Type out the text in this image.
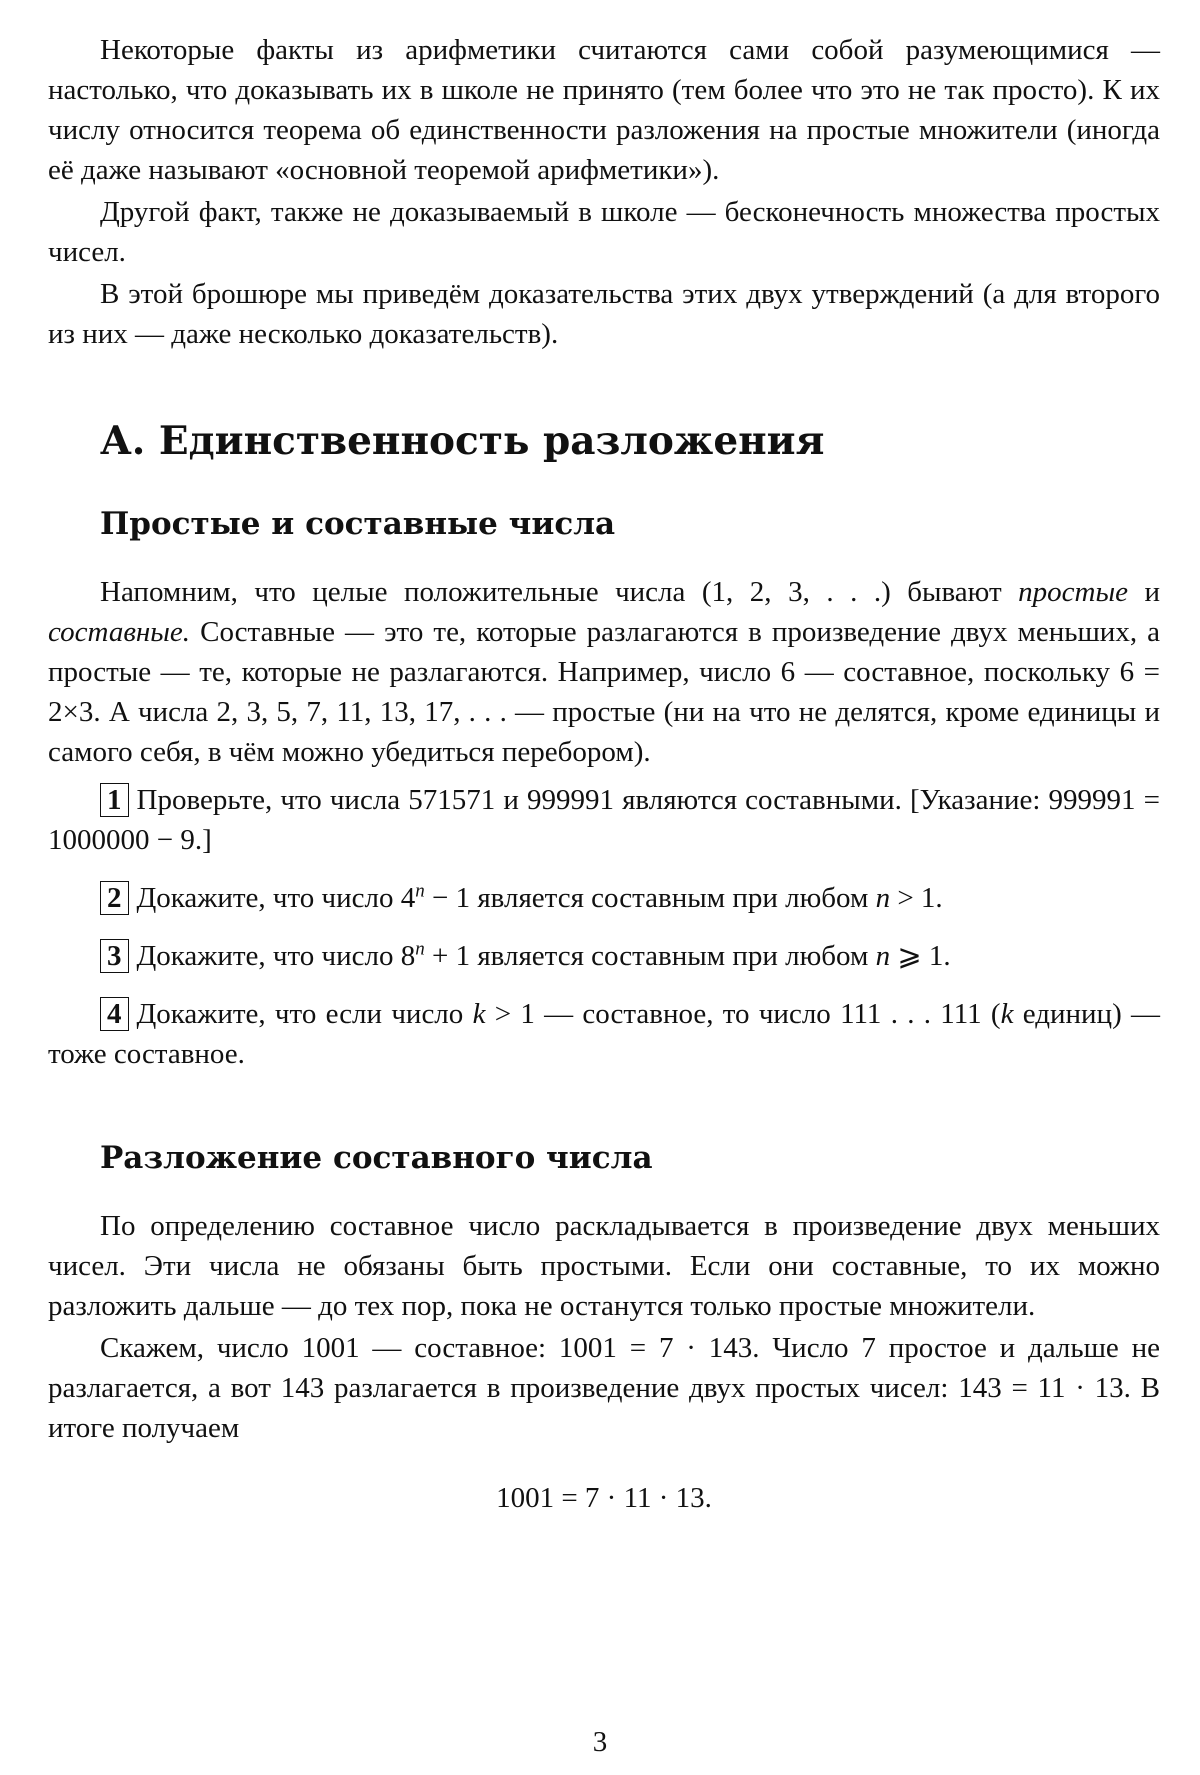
Некоторые факты из арифметики считаются сами собой разумеющимися — настолько, что доказывать их в школе не принято (тем более что это не так просто). К их числу относится теорема об единственности разложения на простые множители (иногда её даже называют «основной теоремой арифметики»).

Другой факт, также не доказываемый в школе — бесконечность множества простых чисел.

В этой брошюре мы приведём доказательства этих двух утверждений (а для второго из них — даже несколько доказательств).

А. Единственность разложения
Простые и составные числа

Напомним, что целые положительные числа (1, 2, 3, . . .) бывают простые и составные. Составные — это те, которые разлагаются в произведение двух меньших, а простые — те, которые не разлагаются. Например, число 6 — составное, поскольку 6 = 2×3. А числа 2, 3, 5, 7, 11, 13, 17, . . . — простые (ни на что не делятся, кроме единицы и самого себя, в чём можно убедиться перебором).

1 Проверьте, что числа 571571 и 999991 являются составными. [Указание: 999991 = 1000000 − 9.]

2 Докажите, что число $4^n - 1$ является составным при любом n > 1.

3 Докажите, что число $8^n + 1$ является составным при любом n ⩾ 1.

4 Докажите, что если число k > 1 — составное, то число 111 . . . 111 (k единиц) — тоже составное.

Разложение составного числа

По определению составное число раскладывается в произведение двух меньших чисел. Эти числа не обязаны быть простыми. Если они составные, то их можно разложить дальше — до тех пор, пока не останутся только простые множители.

Скажем, число 1001 — составное: 1001 = 7 · 143. Число 7 простое и дальше не разлагается, а вот 143 разлагается в произведение двух простых чисел: 143 = 11 · 13. В итоге получаем

1001 = 7 · 11 · 13.
3
